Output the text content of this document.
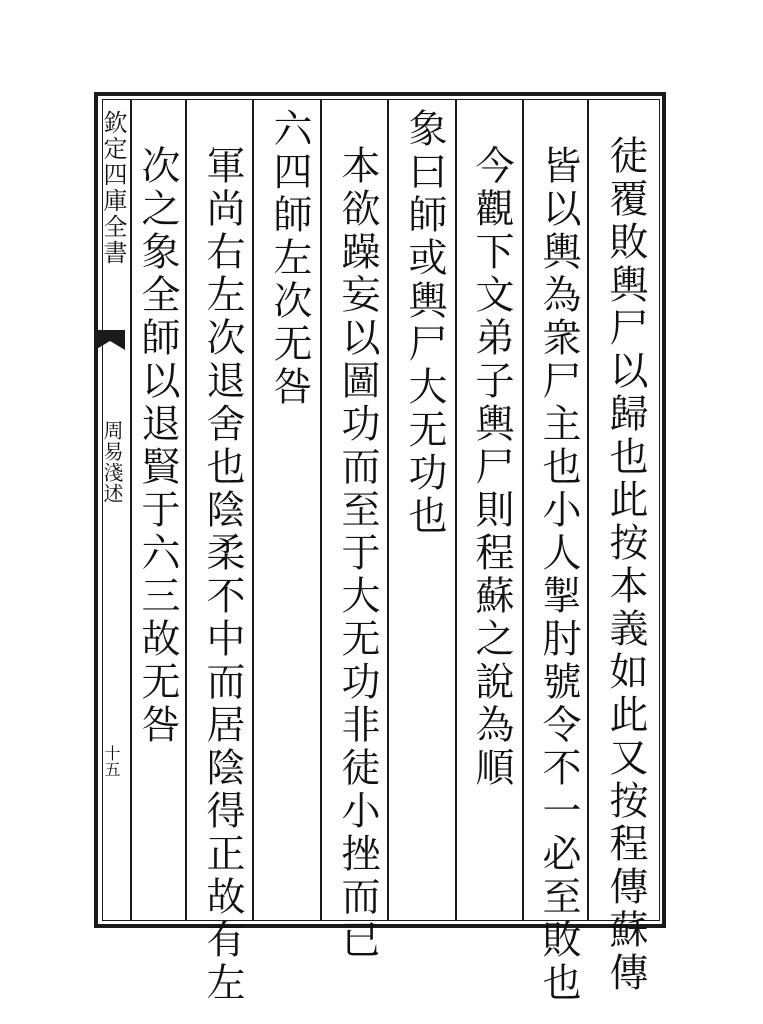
欽定四庫全書
周易淺述
十五	徒覆敗輿尸以歸也此按本義如此又按程傳蘇傳
皆以輿為衆尸主也小人掣肘號令不一必至敗也
今觀下文弟子輿尸則程蘇之說為順
象曰師或輿尸大无功也
本欲躁妄以圖功而至于大无功非徒小挫而已
六四師左次无咎
軍尚右左次退舍也陰柔不中而居陰得正故有左
次之象全師以退賢于六三故无咎
